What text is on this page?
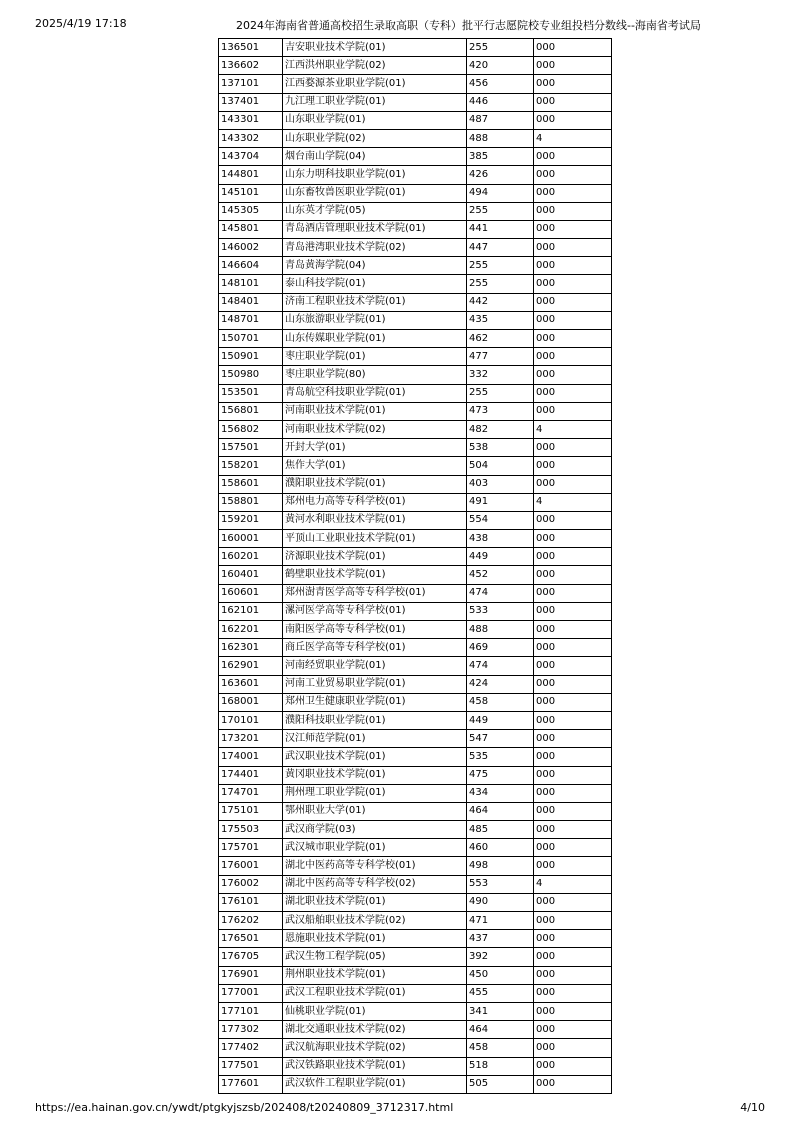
2025/4/19 17:18	2024年海南省普通高校招生录取高职（专科）批平行志愿院校专业组投档分数线--海南省考试局
136501	吉安职业技术学院(01)	255	000
136602	江西洪州职业学院(02)	420	000
137101	江西婺源茶业职业学院(01)	456	000
137401	九江理工职业学院(01)	446	000
143301	山东职业学院(01)	487	000
143302	山东职业学院(02)	488	4
143704	烟台南山学院(04)	385	000
144801	山东力明科技职业学院(01)	426	000
145101	山东畜牧兽医职业学院(01)	494	000
145305	山东英才学院(05)	255	000
145801	青岛酒店管理职业技术学院(01)	441	000
146002	青岛港湾职业技术学院(02)	447	000
146604	青岛黄海学院(04)	255	000
148101	泰山科技学院(01)	255	000
148401	济南工程职业技术学院(01)	442	000
148701	山东旅游职业学院(01)	435	000
150701	山东传媒职业学院(01)	462	000
150901	枣庄职业学院(01)	477	000
150980	枣庄职业学院(80)	332	000
153501	青岛航空科技职业学院(01)	255	000
156801	河南职业技术学院(01)	473	000
156802	河南职业技术学院(02)	482	4
157501	开封大学(01)	538	000
158201	焦作大学(01)	504	000
158601	濮阳职业技术学院(01)	403	000
158801	郑州电力高等专科学校(01)	491	4
159201	黄河水利职业技术学院(01)	554	000
160001	平顶山工业职业技术学院(01)	438	000
160201	济源职业技术学院(01)	449	000
160401	鹤壁职业技术学院(01)	452	000
160601	郑州澍青医学高等专科学校(01)	474	000
162101	漯河医学高等专科学校(01)	533	000
162201	南阳医学高等专科学校(01)	488	000
162301	商丘医学高等专科学校(01)	469	000
162901	河南经贸职业学院(01)	474	000
163601	河南工业贸易职业学院(01)	424	000
168001	郑州卫生健康职业学院(01)	458	000
170101	濮阳科技职业学院(01)	449	000
173201	汉江师范学院(01)	547	000
174001	武汉职业技术学院(01)	535	000
174401	黄冈职业技术学院(01)	475	000
174701	荆州理工职业学院(01)	434	000
175101	鄂州职业大学(01)	464	000
175503	武汉商学院(03)	485	000
175701	武汉城市职业学院(01)	460	000
176001	湖北中医药高等专科学校(01)	498	000
176002	湖北中医药高等专科学校(02)	553	4
176101	湖北职业技术学院(01)	490	000
176202	武汉船舶职业技术学院(02)	471	000
176501	恩施职业技术学院(01)	437	000
176705	武汉生物工程学院(05)	392	000
176901	荆州职业技术学院(01)	450	000
177001	武汉工程职业技术学院(01)	455	000
177101	仙桃职业学院(01)	341	000
177302	湖北交通职业技术学院(02)	464	000
177402	武汉航海职业技术学院(02)	458	000
177501	武汉铁路职业技术学院(01)	518	000
177601	武汉软件工程职业学院(01)	505	000
https://ea.hainan.gov.cn/ywdt/ptgkyjszsb/202408/t20240809_3712317.html	4/10
